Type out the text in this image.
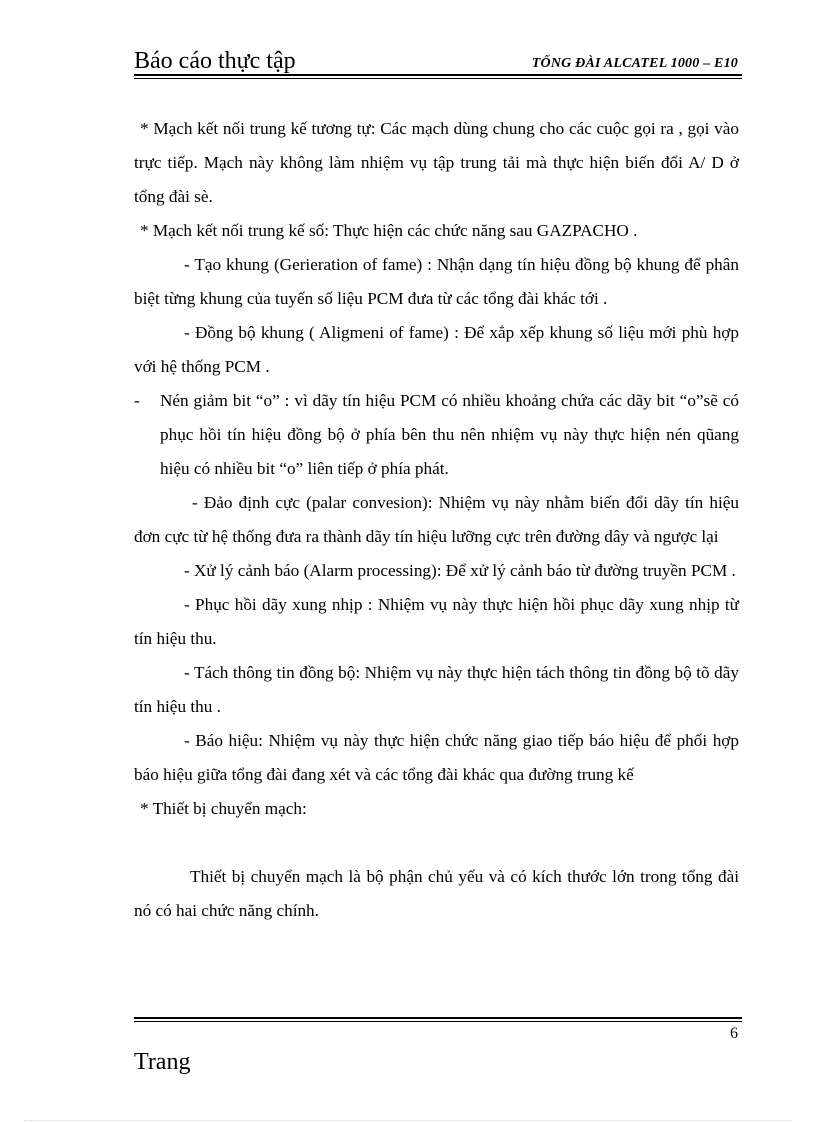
Báo cáo thực tập	TỔNG ĐÀI ALCATEL 1000 – E10

* Mạch kết nối trung kế tương tự: Các mạch dùng chung cho các cuộc gọi ra , gọi vào trực tiếp. Mạch này không làm nhiệm vụ tập trung tải mà thực hiện biến đổi A/ D ở tổng đài sè.

* Mạch kết nối trung kế số: Thực hiện các chức năng sau GAZPACHO .

- Tạo khung (Gerieration of fame) : Nhận dạng tín hiệu đồng bộ khung để phân biệt từng khung của tuyến số liệu PCM đưa từ các tổng đài khác tới .

- Đồng bộ khung ( Aligmeni of fame) : Để xắp xếp khung số liệu mới phù hợp với hệ thống PCM .

- Nén giảm bit “o” : vì dãy tín hiệu PCM có nhiều khoảng chứa các dãy bit “o”sẽ có phục hồi tín hiệu đồng bộ ở phía bên thu nên nhiệm vụ này thực hiện nén qũang hiệu có nhiều bit “o” liên tiếp ở phía phát.

- Đảo định cực (palar convesion): Nhiệm vụ này nhằm biến đổi dãy tín hiệu đơn cực từ hệ thống đưa ra thành dãy tín hiệu lưỡng cực trên đường dây và ngược lại

- Xử lý cảnh báo (Alarm processing): Để xử lý cảnh báo từ đường truyền PCM .

- Phục hồi dãy xung nhịp : Nhiệm vụ này thực hiện hồi phục dãy xung nhịp từ tín hiệu thu.

- Tách thông tin đồng bộ: Nhiệm vụ này thực hiện tách thông tin đồng bộ tõ dãy tín hiệu thu .

- Báo hiệu: Nhiệm vụ này thực hiện chức năng giao tiếp báo hiệu để phối hợp báo hiệu giữa tổng đài đang xét và các tổng đài khác qua đường trung kế

* Thiết bị chuyển mạch:

Thiết bị chuyển mạch là bộ phận chủ yếu và có kích thước lớn trong tổng đài nó có hai chức năng chính.

6
Trang
